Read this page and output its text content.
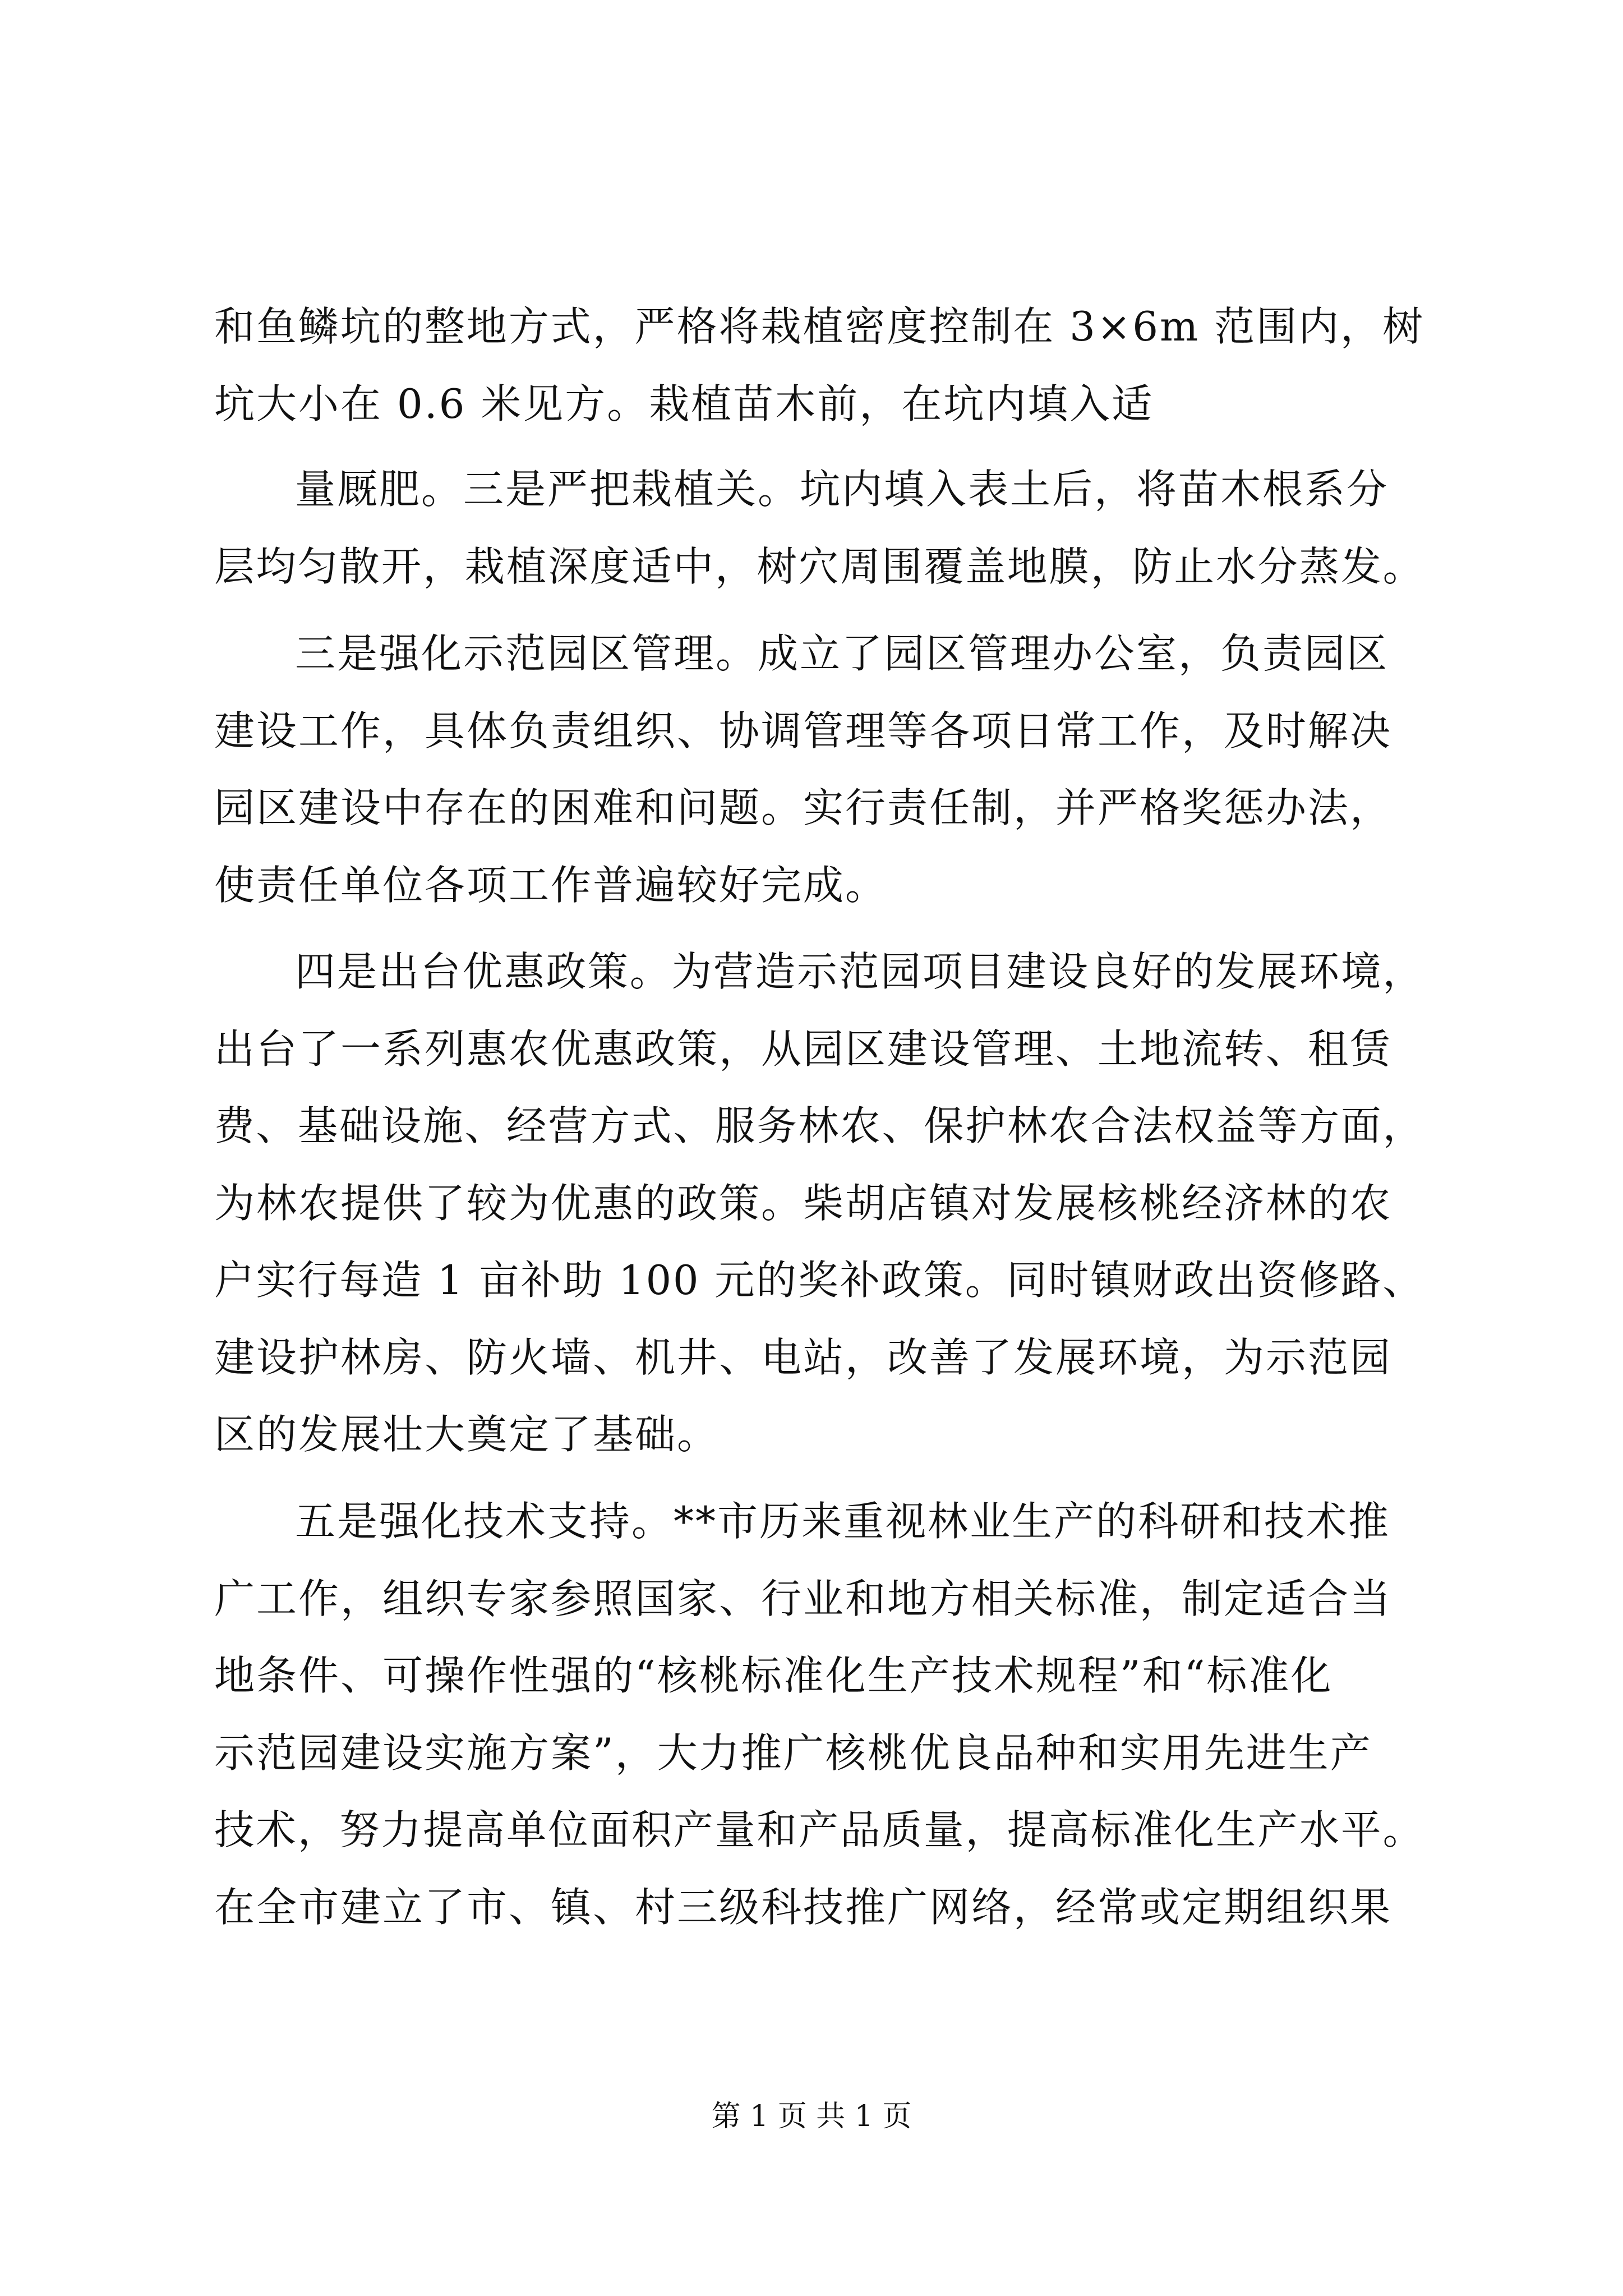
和鱼鳞坑的整地方式，严格将栽植密度控制在 3×6m 范围内，树
坑大小在 0.6 米见方。栽植苗木前，在坑内填入适
量厩肥。三是严把栽植关。坑内填入表土后，将苗木根系分
层均匀散开，栽植深度适中，树穴周围覆盖地膜，防止水分蒸发。
三是强化示范园区管理。成立了园区管理办公室，负责园区
建设工作，具体负责组织、协调管理等各项日常工作，及时解决
园区建设中存在的困难和问题。实行责任制，并严格奖惩办法，
使责任单位各项工作普遍较好完成。
四是出台优惠政策。为营造示范园项目建设良好的发展环境，
出台了一系列惠农优惠政策，从园区建设管理、土地流转、租赁
费、基础设施、经营方式、服务林农、保护林农合法权益等方面，
为林农提供了较为优惠的政策。柴胡店镇对发展核桃经济林的农
户实行每造 1 亩补助 100 元的奖补政策。同时镇财政出资修路、
建设护林房、防火墙、机井、电站，改善了发展环境，为示范园
区的发展壮大奠定了基础。
五是强化技术支持。**市历来重视林业生产的科研和技术推
广工作，组织专家参照国家、行业和地方相关标准，制定适合当
地条件、可操作性强的“核桃标准化生产技术规程”和“标准化
示范园建设实施方案”，大力推广核桃优良品种和实用先进生产
技术，努力提高单位面积产量和产品质量，提高标准化生产水平。
在全市建立了市、镇、村三级科技推广网络，经常或定期组织果
第 1 页 共 1 页
